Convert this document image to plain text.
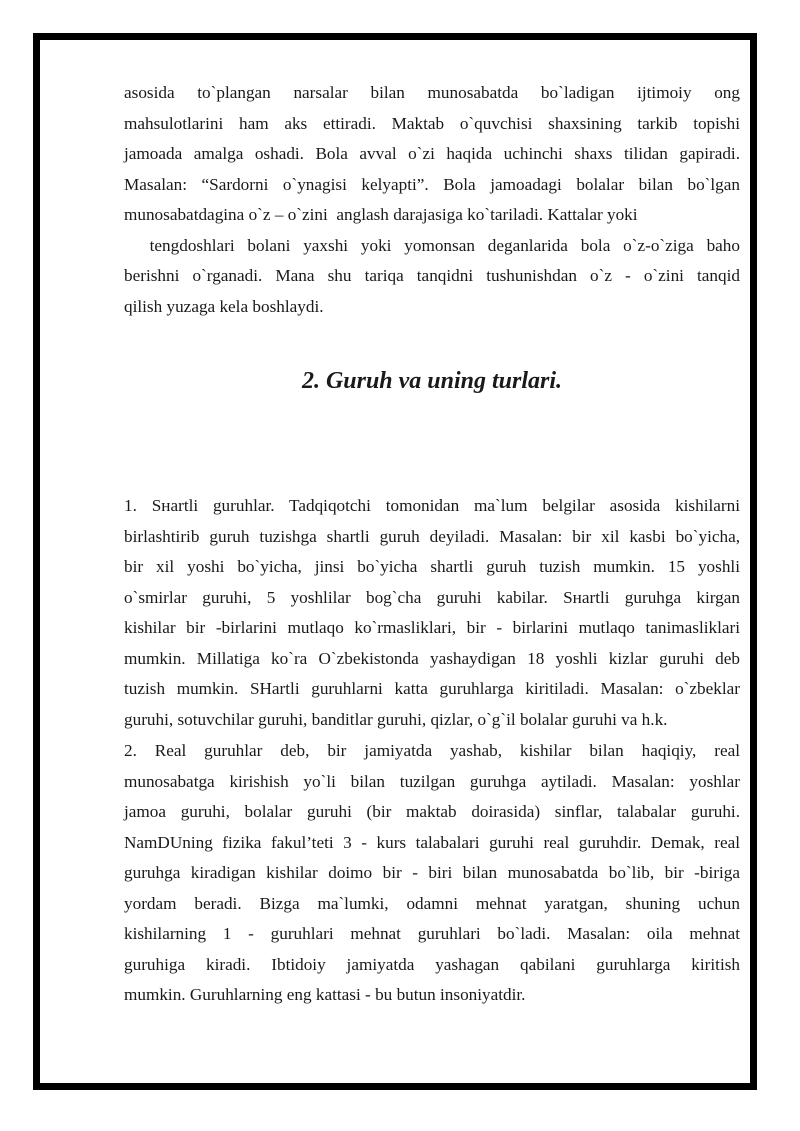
asosida to`plangan narsalar bilan munosabatda bo`ladigan ijtimoiy ong
mahsulotlarini ham aks ettiradi. Maktab o`quvchisi shaxsining tarkib topishi
jamoada amalga oshadi. Bola avval o`zi haqida uchinchi shaxs tilidan gapiradi.
Masalan: “Sardorni o`ynagisi kelyapti”. Bola jamoadagi bolalar bilan bo`lgan
munosabatdagina o`z – o`zini  anglash darajasiga ko`tariladi. Kattalar yoki
tengdoshlari bolani yaxshi yoki yomonsan deganlarida bola o`z-o`ziga baho
berishni o`rganadi. Mana shu tariqa tanqidni tushunishdan o`z - o`zini tanqid
qilish yuzaga kela boshlaydi.
2. Guruh va uning turlari.
1. Sнartli guruhlar. Tadqiqotchi tomonidan ma`lum belgilar asosida kishilarni
birlashtirib guruh tuzishga shartli guruh deyiladi. Masalan: bir xil kasbi bo`yicha,
bir xil yoshi bo`yicha, jinsi bo`yicha shartli guruh tuzish mumkin. 15 yoshli
o`smirlar guruhi, 5 yoshlilar bog`cha guruhi kabilar. Sнartli guruhga kirgan
kishilar bir -birlarini mutlaqo ko`rmasliklari, bir - birlarini mutlaqo tanimasliklari
mumkin. Millatiga ko`ra O`zbekistonda yashaydigan 18 yoshli kizlar guruhi deb
tuzish mumkin. SHartli guruhlarni katta guruhlarga kiritiladi. Masalan: o`zbeklar
guruhi, sotuvchilar guruhi, banditlar guruhi, qizlar, o`g`il bolalar guruhi va h.k.
2. Real guruhlar deb, bir jamiyatda yashab, kishilar bilan haqiqiy, real
munosabatga kirishish yo`li bilan tuzilgan guruhga aytiladi. Masalan: yoshlar
jamoa guruhi, bolalar guruhi (bir maktab doirasida) sinflar, talabalar guruhi.
NamDUning fizika fakul’teti 3 - kurs talabalari guruhi real guruhdir. Demak, real
guruhga kiradigan kishilar doimo bir - biri bilan munosabatda bo`lib, bir -biriga
yordam beradi. Bizga ma`lumki, odamni mehnat yaratgan, shuning uchun
kishilarning 1 - guruhlari mehnat guruhlari bo`ladi. Masalan: oila mehnat
guruhiga kiradi. Ibtidoiy jamiyatda yashagan qabilani guruhlarga kiritish
mumkin. Guruhlarning eng kattasi - bu butun insoniyatdir.
